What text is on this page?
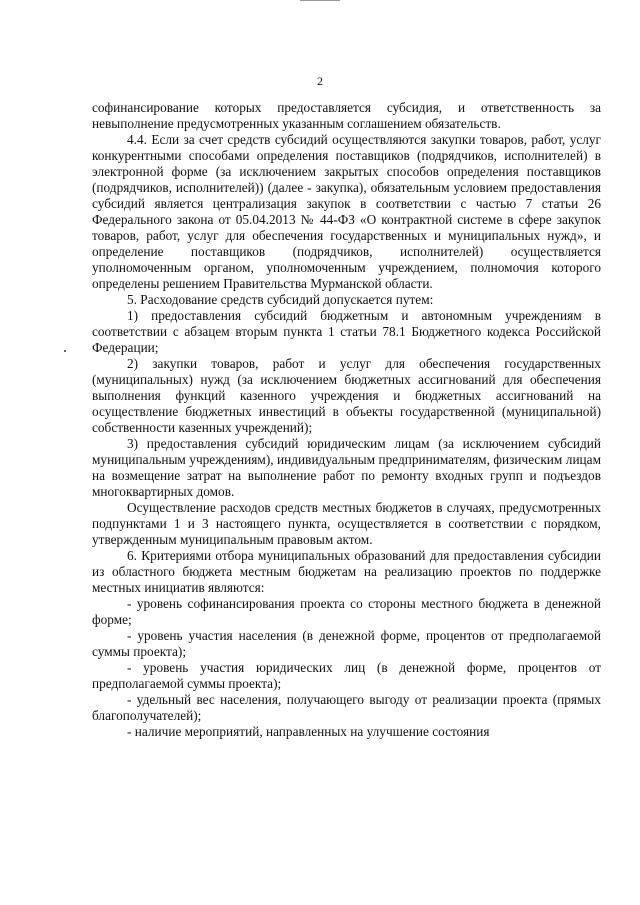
2

софинансирование которых предоставляется субсидия, и ответственность за невыполнение предусмотренных указанным соглашением обязательств.

4.4. Если за счет средств субсидий осуществляются закупки товаров, работ, услуг конкурентными способами определения поставщиков (подрядчиков, исполнителей) в электронной форме (за исключением закрытых способов определения поставщиков (подрядчиков, исполнителей)) (далее - закупка), обязательным условием предоставления субсидий является централизация закупок в соответствии с частью 7 статьи 26 Федерального закона от 05.04.2013 № 44-ФЗ «О контрактной системе в сфере закупок товаров, работ, услуг для обеспечения государственных и муниципальных нужд», и определение поставщиков (подрядчиков, исполнителей) осуществляется уполномоченным органом, уполномоченным учреждением, полномочия которого определены решением Правительства Мурманской области.

5. Расходование средств субсидий допускается путем:

1) предоставления субсидий бюджетным и автономным учреждениям в соответствии с абзацем вторым пункта 1 статьи 78.1 Бюджетного кодекса Российской Федерации;

2) закупки товаров, работ и услуг для обеспечения государственных (муниципальных) нужд (за исключением бюджетных ассигнований для обеспечения выполнения функций казенного учреждения и бюджетных ассигнований на осуществление бюджетных инвестиций в объекты государственной (муниципальной) собственности казенных учреждений);

3) предоставления субсидий юридическим лицам (за исключением субсидий муниципальным учреждениям), индивидуальным предпринимателям, физическим лицам на возмещение затрат на выполнение работ по ремонту входных групп и подъездов многоквартирных домов.

Осуществление расходов средств местных бюджетов в случаях, предусмотренных подпунктами 1 и 3 настоящего пункта, осуществляется в соответствии с порядком, утвержденным муниципальным правовым актом.

6. Критериями отбора муниципальных образований для предоставления субсидии из областного бюджета местным бюджетам на реализацию проектов по поддержке местных инициатив являются:

- уровень софинансирования проекта со стороны местного бюджета в денежной форме;

- уровень участия населения (в денежной форме, процентов от предполагаемой суммы проекта);

- уровень участия юридических лиц (в денежной форме, процентов от предполагаемой суммы проекта);

- удельный вес населения, получающего выгоду от реализации проекта (прямых благополучателей);

- наличие мероприятий, направленных на улучшение состояния
